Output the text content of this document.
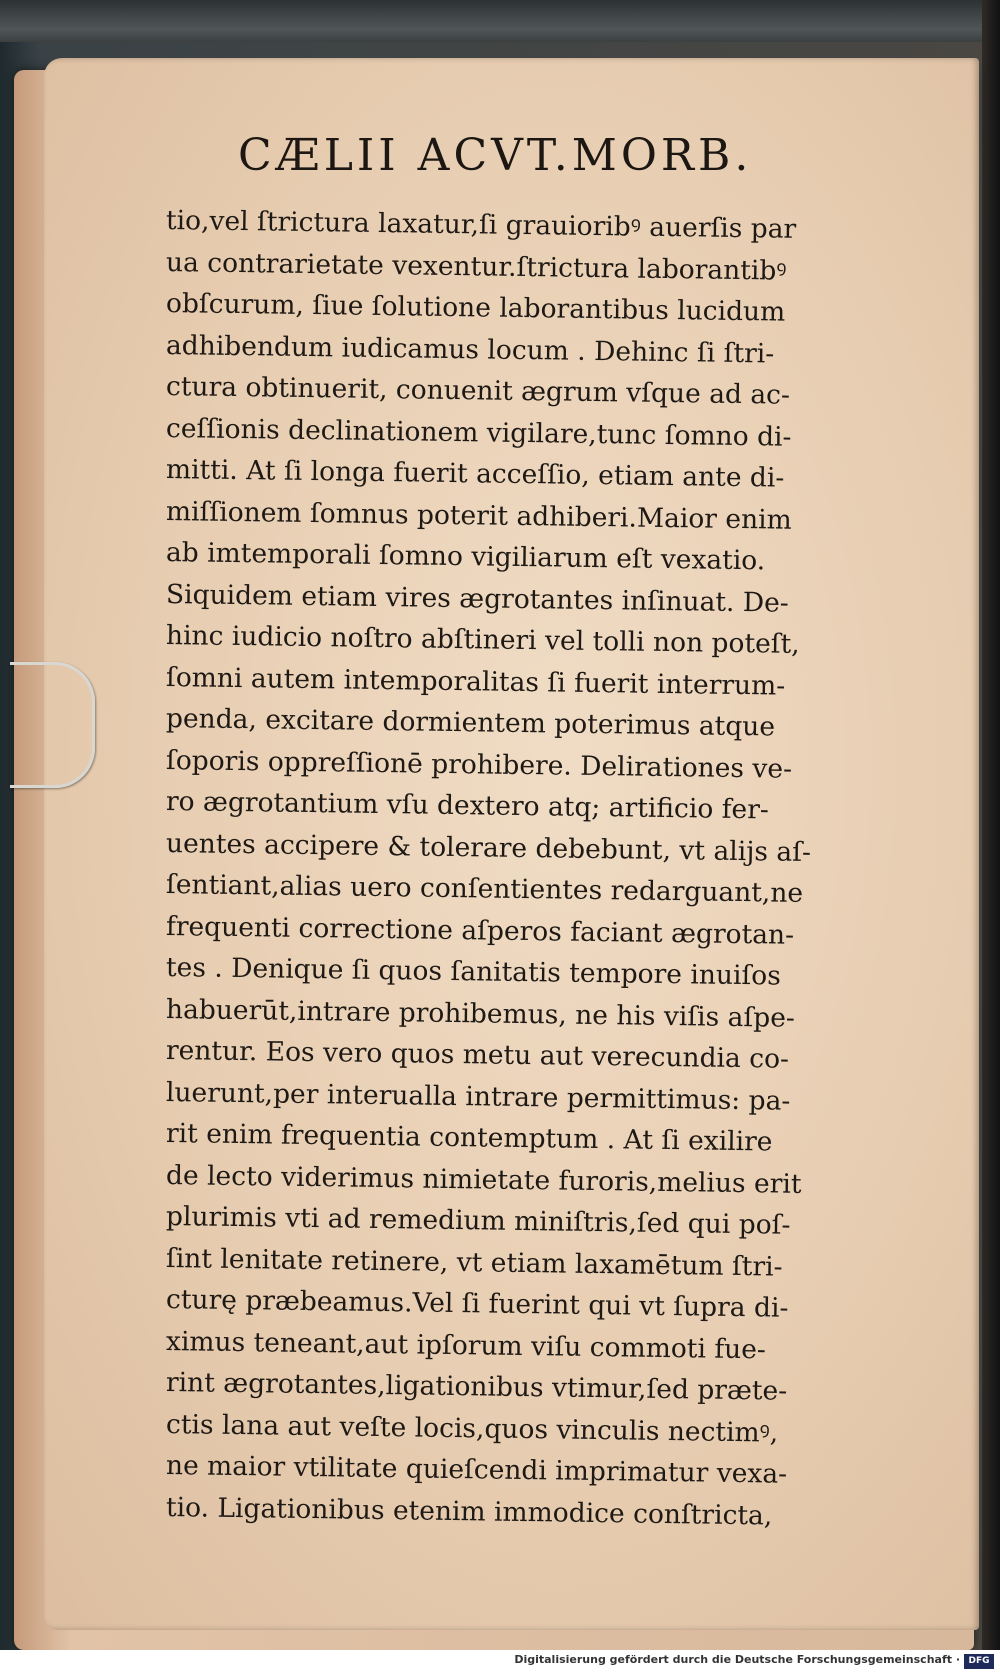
CÆLII ACVT.MORB.
tio,vel ſtrictura laxatur,ſi grauioribꝰ auerſis par
ua contrarietate vexentur.ſtrictura laborantibꝰ
obſcurum, ſiue ſolutione laborantibus lucidum
adhibendum iudicamus locum . Dehinc ſi ſtri-
ctura obtinuerit, conuenit ægrum vſque ad ac-
ceſſionis declinationem vigilare,tunc ſomno di-
mitti. At ſi longa fuerit acceſſio, etiam ante di-
miſſionem ſomnus poterit adhiberi.Maior enim
ab imtemporali ſomno vigiliarum eſt vexatio.
Siquidem etiam vires ægrotantes inſinuat. De-
hinc iudicio noſtro abſtineri vel tolli non poteſt,
ſomni autem intemporalitas ſi fuerit interrum-
penda, excitare dormientem poterimus atque
ſoporis oppreſſionē prohibere. Delirationes ve-
ro ægrotantium vſu dextero atq; artificio fer-
uentes accipere & tolerare debebunt, vt alijs aſ-
ſentiant,alias uero conſentientes redarguant,ne
frequenti correctione aſperos faciant ægrotan-
tes . Denique ſi quos ſanitatis tempore inuiſos
habuerūt,intrare prohibemus, ne his viſis aſpe-
rentur. Eos vero quos metu aut verecundia co-
luerunt,per interualla intrare permittimus: pa-
rit enim frequentia contemptum . At ſi exilire
de lecto viderimus nimietate furoris,melius erit
plurimis vti ad remedium miniſtris,ſed qui poſ-
ſint lenitate retinere, vt etiam laxamētum ſtri-
cturę præbeamus.Vel ſi fuerint qui vt ſupra di-
ximus teneant,aut ipſorum viſu commoti fue-
rint ægrotantes,ligationibus vtimur,ſed præte-
ctis lana aut veſte locis,quos vinculis nectimꝰ,
ne maior vtilitate quieſcendi imprimatur vexa-
tio. Ligationibus etenim immodice conſtricta,
Digitalisierung gefördert durch die Deutsche Forschungsgemeinschaft · DFG
